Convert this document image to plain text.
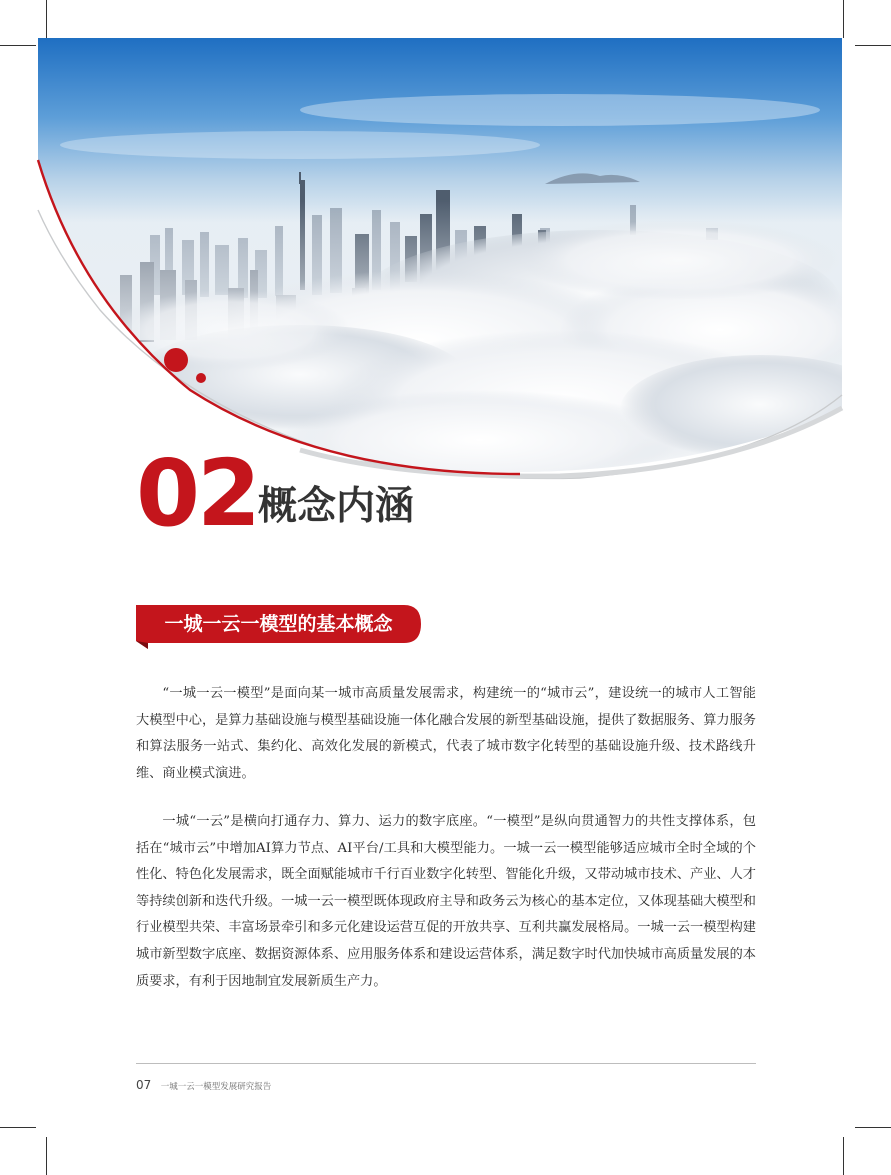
02 概念内涵
一城一云一模型的基本概念

“一城一云一模型”是面向某一城市高质量发展需求，构建统一的“城市云”，建设统一的城市人工智能大模型中心，是算力基础设施与模型基础设施一体化融合发展的新型基础设施，提供了数据服务、算力服务和算法服务一站式、集约化、高效化发展的新模式，代表了城市数字化转型的基础设施升级、技术路线升维、商业模式演进。

一城“一云”是横向打通存力、算力、运力的数字底座。“一模型”是纵向贯通智力的共性支撑体系，包括在“城市云”中增加AI算力节点、AI平台/工具和大模型能力。一城一云一模型能够适应城市全时全域的个性化、特色化发展需求，既全面赋能城市千行百业数字化转型、智能化升级，又带动城市技术、产业、人才等持续创新和迭代升级。一城一云一模型既体现政府主导和政务云为核心的基本定位，又体现基础大模型和行业模型共荣、丰富场景牵引和多元化建设运营互促的开放共享、互利共赢发展格局。一城一云一模型构建城市新型数字底座、数据资源体系、应用服务体系和建设运营体系，满足数字时代加快城市高质量发展的本质要求，有利于因地制宜发展新质生产力。

07 一城一云一模型发展研究报告
